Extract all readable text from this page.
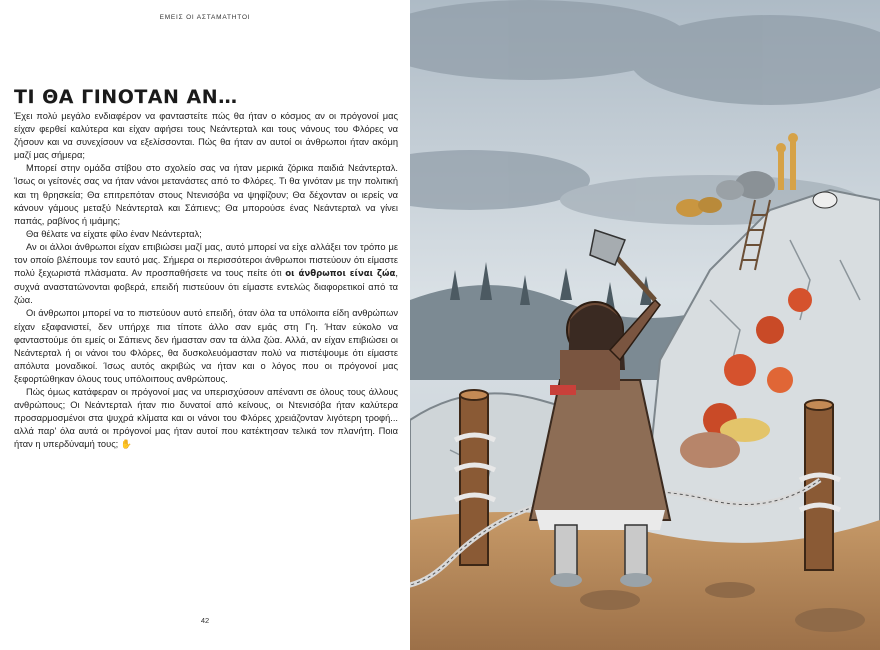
ΕΜΕΙΣ ΟΙ ΑΣΤΑΜΑΤΗΤΟΙ
ΤΙ ΘΑ ΓΙΝΟΤΑΝ ΑΝ…

Έχει πολύ μεγάλο ενδιαφέρον να φανταστείτε πώς θα ήταν ο κόσμος αν οι πρόγονοί μας είχαν φερθεί καλύτερα και είχαν αφήσει τους Νεάντερταλ και τους νάνους του Φλόρες να ζήσουν και να συνεχίσουν να εξελίσσονται. Πώς θα ήταν αν αυτοί οι άνθρωποι ήταν ακόμη μαζί μας σήμερα;

Μπορεί στην ομάδα στίβου στο σχολείο σας να ήταν μερικά ζόρικα παιδιά Νεάντερταλ. Ίσως οι γείτονές σας να ήταν νάνοι μετανάστες από το Φλόρες. Τι θα γινόταν με την πολιτική και τη θρησκεία; Θα επιτρεπόταν στους Ντενισόβα να ψηφίζουν; Θα δέχονταν οι ιερείς να κάνουν γάμους μεταξύ Νεάντερταλ και Σάπιενς; Θα μπορούσε ένας Νεάντερταλ να γίνει παπάς, ραβίνος ή ιμάμης;

Θα θέλατε να είχατε φίλο έναν Νεάντερταλ;

Αν οι άλλοι άνθρωποι είχαν επιβιώσει μαζί μας, αυτό μπορεί να είχε αλλάξει τον τρόπο με τον οποίο βλέπουμε τον εαυτό μας. Σήμερα οι περισσότεροι άνθρωποι πιστεύουν ότι είμαστε πολύ ξεχωριστά πλάσματα. Αν προσπαθήσετε να τους πείτε ότι οι άνθρωποι είναι ζώα, συχνά αναστατώνονται φοβερά, επειδή πιστεύουν ότι είμαστε εντελώς διαφορετικοί από τα ζώα.

Οι άνθρωποι μπορεί να το πιστεύουν αυτό επειδή, όταν όλα τα υπόλοιπα είδη ανθρώπων είχαν εξαφανιστεί, δεν υπήρχε πια τίποτε άλλο σαν εμάς στη Γη. Ήταν εύκολο να φανταστούμε ότι εμείς οι Σάπιενς δεν ήμασταν σαν τα άλλα ζώα. Αλλά, αν είχαν επιβιώσει οι Νεάντερταλ ή οι νάνοι του Φλόρες, θα δυσκολευόμασταν πολύ να πιστέψουμε ότι είμαστε απόλυτα μοναδικοί. Ίσως αυτός ακριβώς να ήταν και ο λόγος που οι πρόγονοί μας ξεφορτώθηκαν όλους τους υπόλοιπους ανθρώπους.

Πώς όμως κατάφεραν οι πρόγονοί μας να υπερισχύσουν απέναντι σε όλους τους άλλους ανθρώπους; Οι Νεάντερταλ ήταν πιο δυνατοί από κείνους, οι Ντενισόβα ήταν καλύτερα προσαρμοσμένοι στα ψυχρά κλίματα και οι νάνοι του Φλόρες χρειάζονταν λιγότερη τροφή... αλλά παρ' όλα αυτά οι πρόγονοί μας ήταν αυτοί που κατέκτησαν τελικά τον πλανήτη. Ποια ήταν η υπερδύναμή τους; ✋

42
